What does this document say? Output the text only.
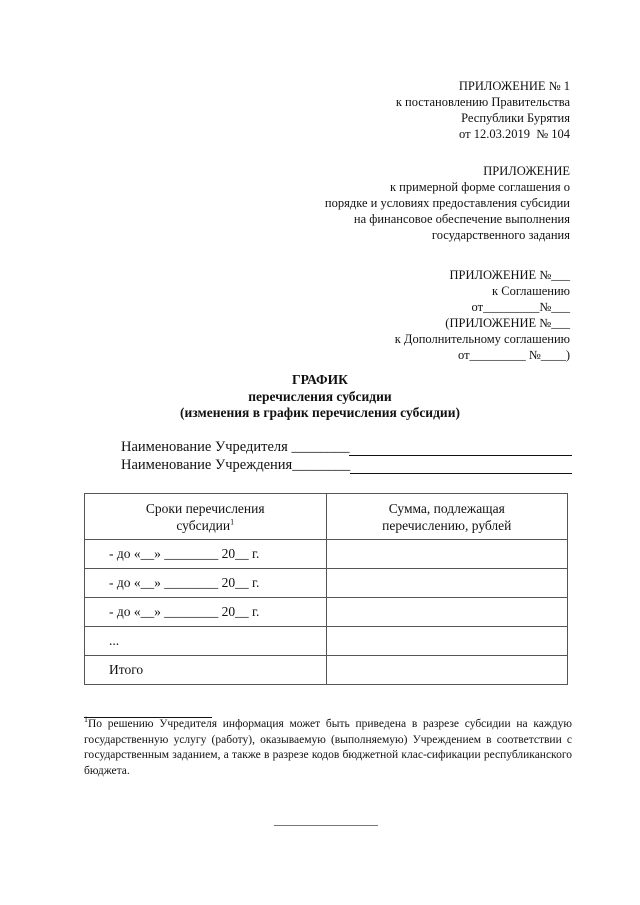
ПРИЛОЖЕНИЕ № 1
к постановлению Правительства
Республики Бурятия
от 12.03.2019  № 104
ПРИЛОЖЕНИЕ
к примерной форме соглашения о
порядке и условиях предоставления субсидии
на финансовое обеспечение выполнения
государственного задания
ПРИЛОЖЕНИЕ №___
к Соглашению
от_________№___
(ПРИЛОЖЕНИЕ №___
к Дополнительному соглашению
от_________ №____)
ГРАФИК
перечисления субсидии
(изменения в график перечисления субсидии)
Наименование Учредителя ________
Наименование Учреждения________
Сроки перечисления
субсидии$^1$	Сумма, подлежащая
перечислению, рублей
- до «__» ________ 20__ г.	
- до «__» ________ 20__ г.	
- до «__» ________ 20__ г.	
...	
Итого	
$^1$По решению Учредителя информация может быть приведена в разрезе субсидии на каждую государственную услугу (работу), оказываемую (выполняемую) Учреждением в соответствии с государственным заданием, а также в разрезе кодов бюджетной клас-сификации республиканского бюджета.
